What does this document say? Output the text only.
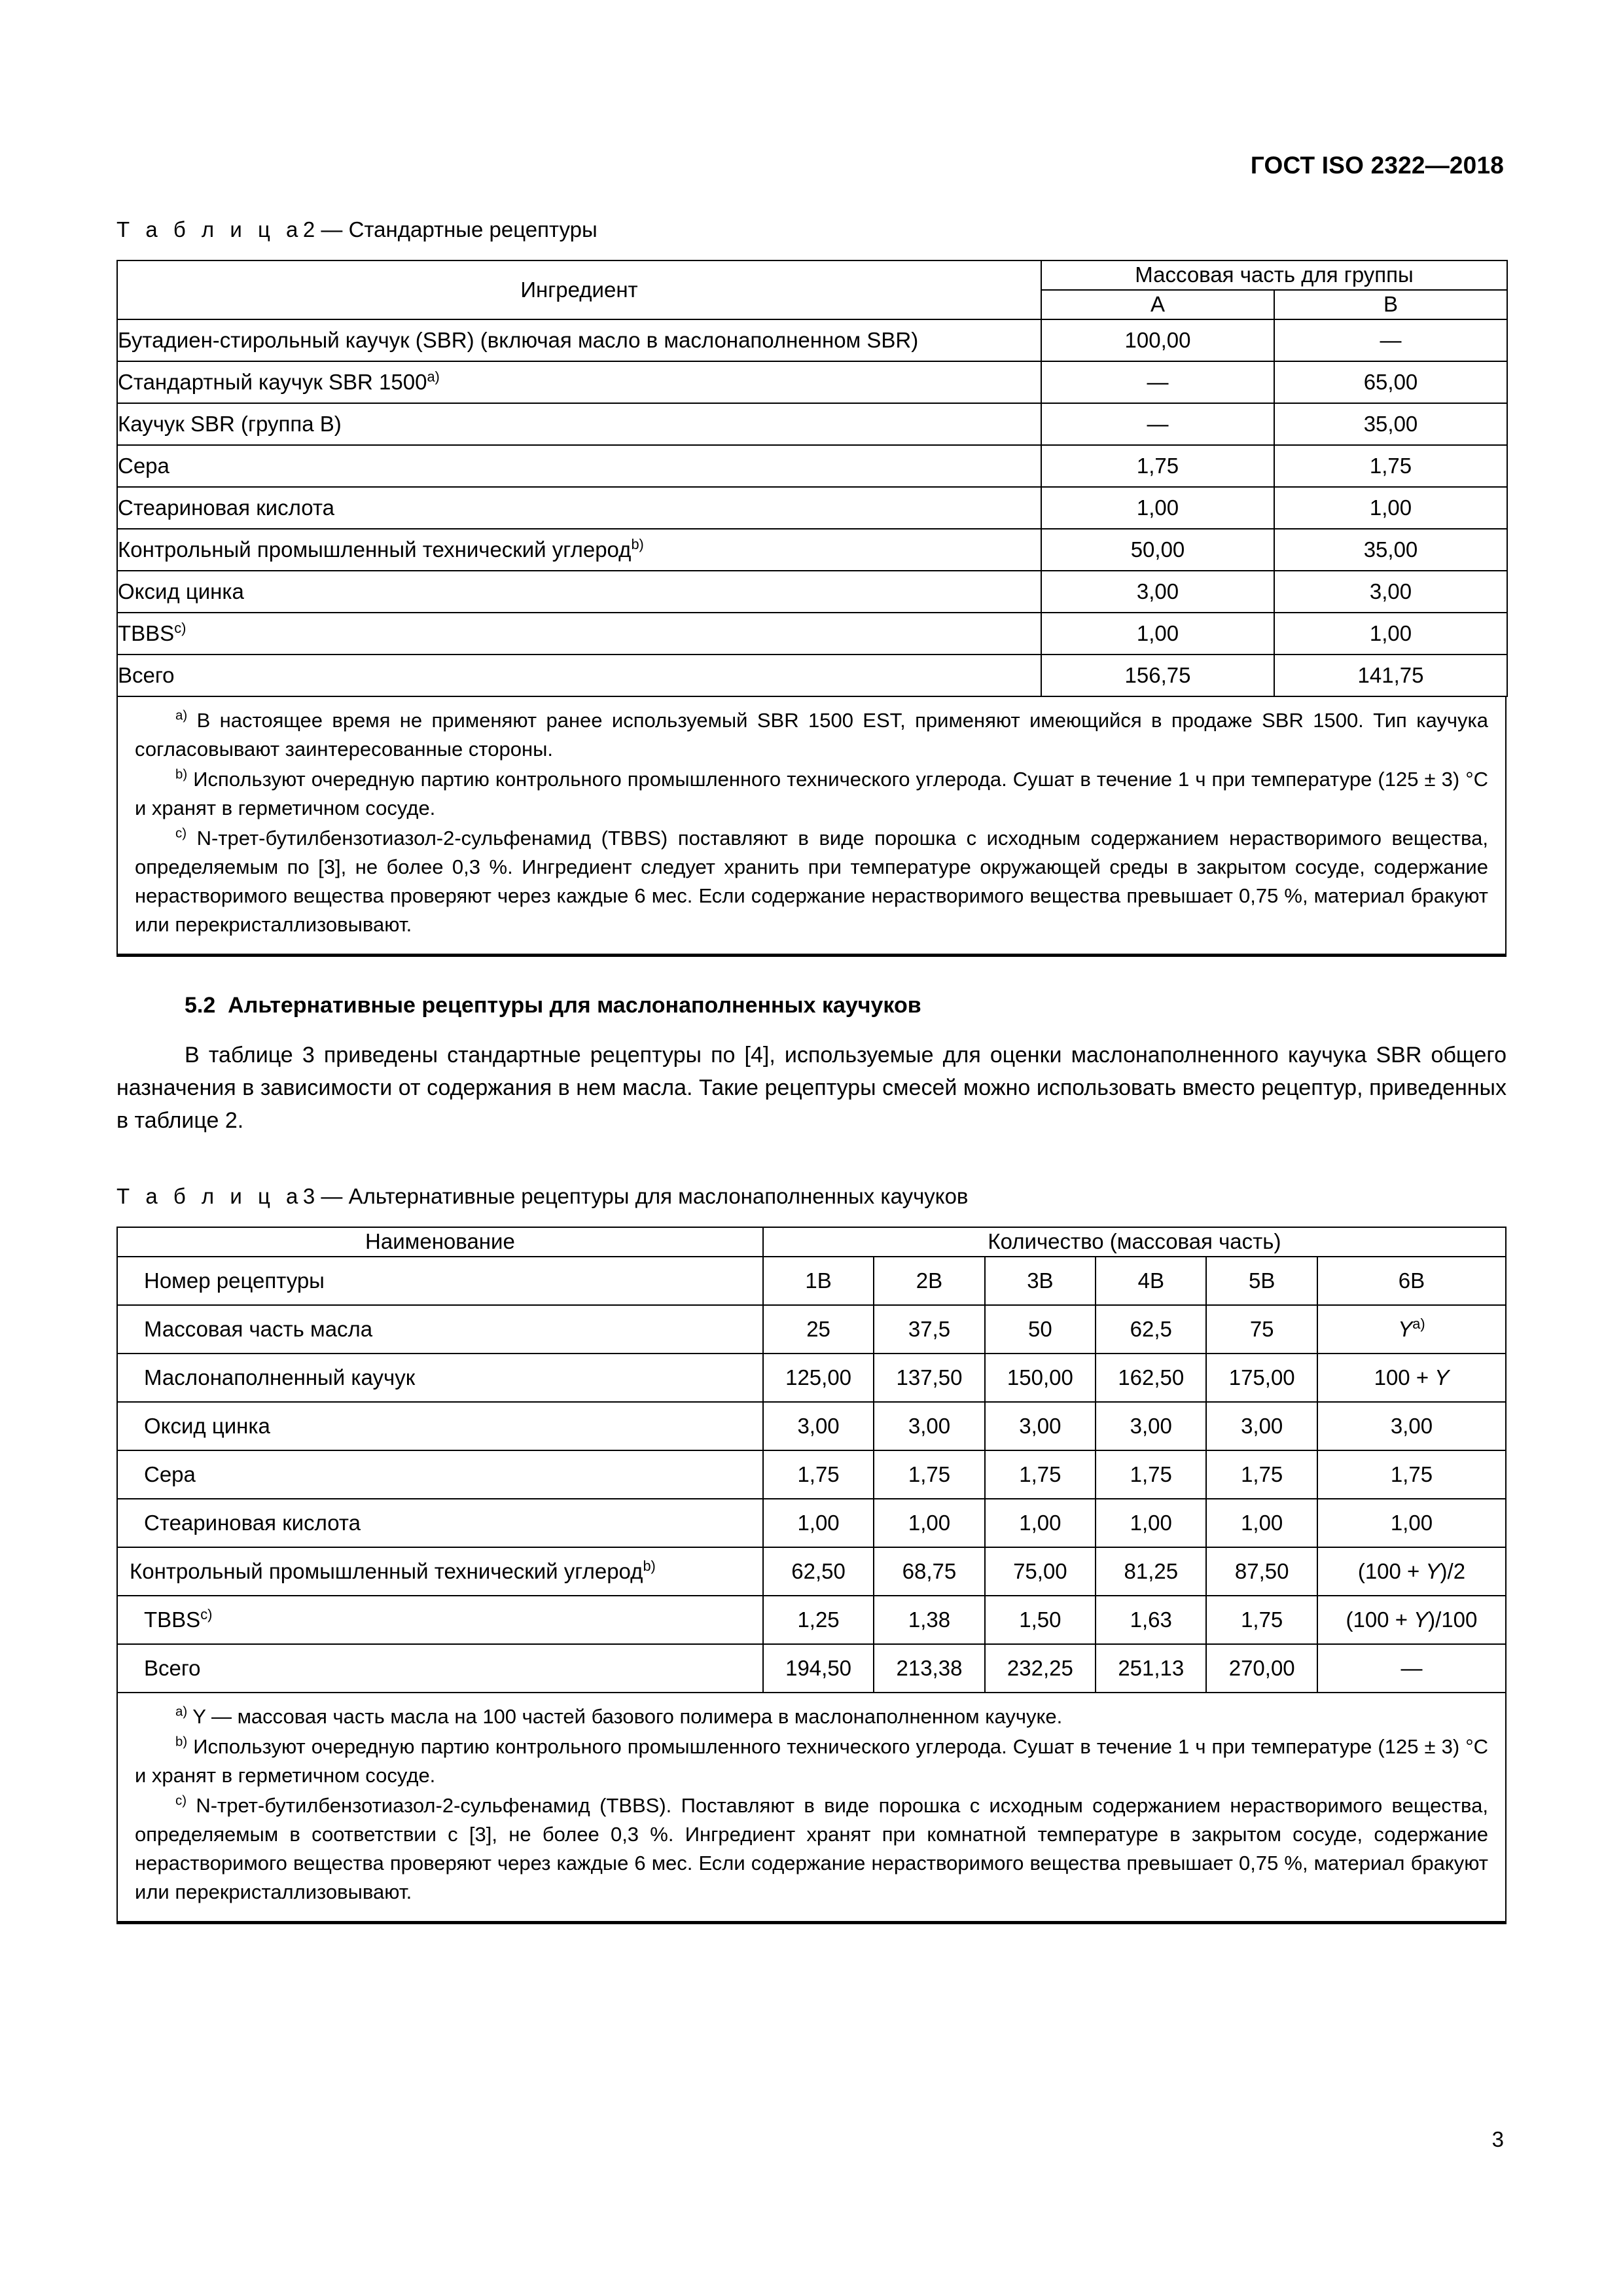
ГОСТ ISO 2322—2018
Т а б л и ц а2 — Стандартные рецептуры
Ингредиент	Массовая часть для группы	
	A	B
Бутадиен-стирольный каучук (SBR) (включая масло в маслонаполненном SBR)	100,00	—
Стандартный каучук SBR 1500$^{a)}$	—	65,00
Каучук SBR (группа B)	—	35,00
Сера	1,75	1,75
Стеариновая кислота	1,00	1,00
Контрольный промышленный технический углерод$^{b)}$	50,00	35,00
Оксид цинка	3,00	3,00
TBBS$^{c)}$	1,00	1,00
Всего	156,75	141,75

$^{a)}$ В настоящее время не применяют ранее используемый SBR 1500 EST, применяют имеющийся в продаже SBR 1500. Тип каучука согласовывают заинтересованные стороны.

$^{b)}$ Используют очередную партию контрольного промышленного технического углерода. Сушат в течение 1 ч при температуре (125 ± 3) °С и хранят в герметичном сосуде.

$^{c)}$ N-трет-бутилбензотиазол-2-сульфенамид (TBBS) поставляют в виде порошка с исходным содержанием нерастворимого вещества, определяемым по [3], не более 0,3 %. Ингредиент следует хранить при температуре окружающей среды в закрытом сосуде, содержание нерастворимого вещества проверяют через каждые 6 мес. Если содержание нерастворимого вещества превышает 0,75 %, материал бракуют или перекристаллизовывают.

5.2 Альтернативные рецептуры для маслонаполненных каучуков

В таблице 3 приведены стандартные рецептуры по [4], используемые для оценки маслонаполненного каучука SBR общего назначения в зависимости от содержания в нем масла. Такие рецептуры смесей можно использовать вместо рецептур, приведенных в таблице 2.

Т а б л и ц а3 — Альтернативные рецептуры для маслонаполненных каучуков
Наименование	Количество (массовая часть)					
Номер рецептуры	1B	2B	3B	4B	5B	6B
Массовая часть масла	25	37,5	50	62,5	75	$Y^{a)}$
Маслонаполненный каучук	125,00	137,50	150,00	162,50	175,00	100 + Y
Оксид цинка	3,00	3,00	3,00	3,00	3,00	3,00
Сера	1,75	1,75	1,75	1,75	1,75	1,75
Стеариновая кислота	1,00	1,00	1,00	1,00	1,00	1,00
Контрольный промышленный технический углерод$^{b)}$	62,50	68,75	75,00	81,25	87,50	(100 + Y)/2
TBBS$^{c)}$	1,25	1,38	1,50	1,63	1,75	(100 + Y)/100
Всего	194,50	213,38	232,25	251,13	270,00	—

$^{a)}$ Y — массовая часть масла на 100 частей базового полимера в маслонаполненном каучуке.

$^{b)}$ Используют очередную партию контрольного промышленного технического углерода. Сушат в течение 1 ч при температуре (125 ± 3) °С и хранят в герметичном сосуде.

$^{c)}$ N-трет-бутилбензотиазол-2-сульфенамид (TBBS). Поставляют в виде порошка с исходным содержанием нерастворимого вещества, определяемым в соответствии с [3], не более 0,3 %. Ингредиент хранят при комнатной температуре в закрытом сосуде, содержание нерастворимого вещества проверяют через каждые 6 мес. Если содержание нерастворимого вещества превышает 0,75 %, материал бракуют или перекристаллизовывают.

3
